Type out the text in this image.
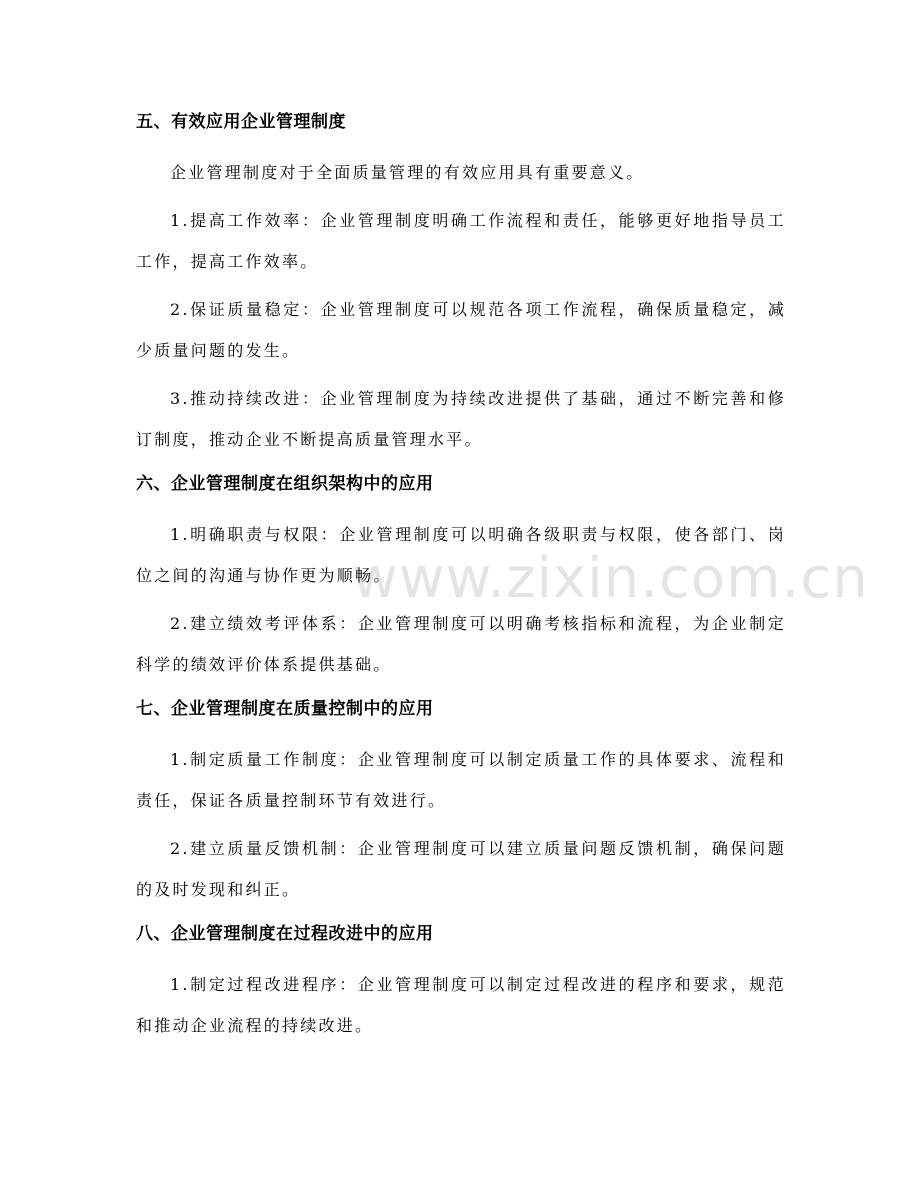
五、有效应用企业管理制度

企业管理制度对于全面质量管理的有效应用具有重要意义。

1.提高工作效率：企业管理制度明确工作流程和责任，能够更好地指导员工工作，提高工作效率。

2.保证质量稳定：企业管理制度可以规范各项工作流程，确保质量稳定，减少质量问题的发生。

3.推动持续改进：企业管理制度为持续改进提供了基础，通过不断完善和修订制度，推动企业不断提高质量管理水平。

六、企业管理制度在组织架构中的应用

1.明确职责与权限：企业管理制度可以明确各级职责与权限，使各部门、岗位之间的沟通与协作更为顺畅。

2.建立绩效考评体系：企业管理制度可以明确考核指标和流程，为企业制定科学的绩效评价体系提供基础。

七、企业管理制度在质量控制中的应用

1.制定质量工作制度：企业管理制度可以制定质量工作的具体要求、流程和责任，保证各质量控制环节有效进行。

2.建立质量反馈机制：企业管理制度可以建立质量问题反馈机制，确保问题的及时发现和纠正。

八、企业管理制度在过程改进中的应用

1.制定过程改进程序：企业管理制度可以制定过程改进的程序和要求，规范和推动企业流程的持续改进。

www.zixin.com.cn
